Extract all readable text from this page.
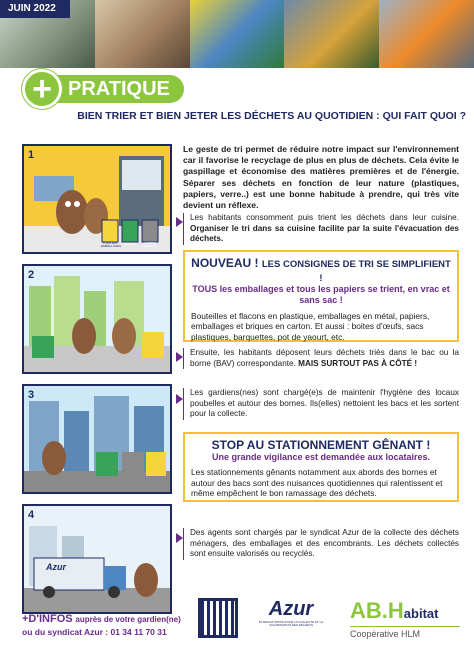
JUIN 2022
+ PRATIQUE
BIEN TRIER ET BIEN JETER LES DÉCHETS AU QUOTIDIEN : QUI FAIT QUOI ?
1
TOUS LES EMBALLAGES VERRE	AUTRES DÉCHETS
2
3
4
Azur
Le geste de tri permet de réduire notre impact sur l'environnement car il favorise le recyclage de plus en plus de déchets. Cela évite le gaspillage et économise des matières premières et de l'énergie. Séparer ses déchets en fonction de leur nature (plastiques, papiers, verre..) est une bonne habitude à prendre, qui très vite devient un réflexe.
Les habitants consomment puis trient les déchets dans leur cuisine. Organiser le tri dans sa cuisine facilite par la suite l'évacuation des déchets.
NOUVEAU ! LES CONSIGNES DE TRI SE SIMPLIFIENT !
TOUS les emballages et tous les papiers se trient, en vrac et sans sac !

Bouteilles et flacons en plastique, emballages en métal, papiers, emballages et briques en carton. Et aussi : boites d'œufs, sacs plastiques, barquettes, pot de yaourt, etc.

Ensuite, les habitants déposent leurs déchets triés dans le bac ou la borne (BAV) correspondante. MAIS SURTOUT PAS À CÔTÉ !
Les gardiens(nes) sont chargé(e)s de maintenir l'hygiène des locaux poubelles et autour des bornes. Ils(elles) nettoient les bacs et les sortent pour la collecte.
STOP AU STATIONNEMENT GÊNANT !
Une grande vigilance est demandée aux locataires.

Les stationnements gênants notamment aux abords des bornes et autour des bacs sont des nuisances quotidiennes qui ralentissent et même empêchent le bon ramassage des déchets.

Des agents sont chargés par le syndicat Azur de la collecte des déchets ménagers, des emballages et des encombrants. Les déchets collectés sont ensuite valorisés ou recyclés.
+D'INFOS auprès de votre gardien(ne)
ou du syndicat Azur : 01 34 11 70 31
Azur
SYNDICAT MIXTE POUR LA COLLECTE ET LA VALORISATION DES DÉCHETS
AB.Habitat
Coopérative HLM
